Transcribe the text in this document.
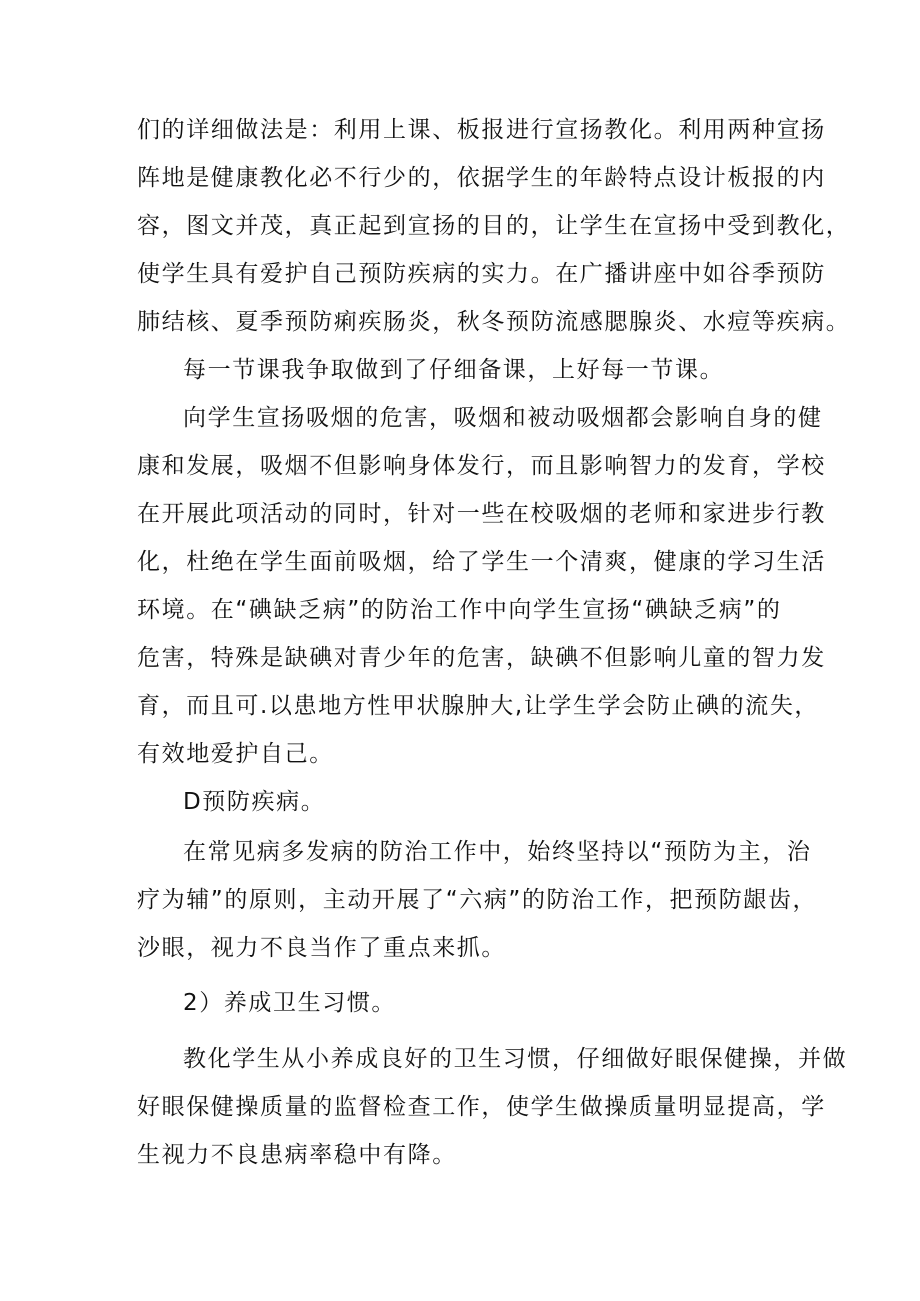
们的详细做法是：利用上课、板报进行宣扬教化。利用两种宣扬
阵地是健康教化必不行少的，依据学生的年龄特点设计板报的内
容，图文并茂，真正起到宣扬的目的，让学生在宣扬中受到教化，
使学生具有爱护自己预防疾病的实力。在广播讲座中如谷季预防
肺结核、夏季预防痢疾肠炎，秋冬预防流感腮腺炎、水痘等疾病。
每一节课我争取做到了仔细备课，上好每一节课。
向学生宣扬吸烟的危害，吸烟和被动吸烟都会影响自身的健
康和发展，吸烟不但影响身体发行，而且影响智力的发育，学校
在开展此项活动的同时，针对一些在校吸烟的老师和家进步行教
化，杜绝在学生面前吸烟，给了学生一个清爽，健康的学习生活
环境。在“碘缺乏病”的防治工作中向学生宣扬“碘缺乏病”的
危害，特殊是缺碘对青少年的危害，缺碘不但影响儿童的智力发
育，而且可.以患地方性甲状腺肿大,让学生学会防止碘的流失，
有效地爱护自己。
D预防疾病。
在常见病多发病的防治工作中，始终坚持以“预防为主，治
疗为辅”的原则，主动开展了“六病”的防治工作，把预防龈齿，
沙眼，视力不良当作了重点来抓。
2）养成卫生习惯。
教化学生从小养成良好的卫生习惯，仔细做好眼保健操，并做
好眼保健操质量的监督检查工作，使学生做操质量明显提高，学
生视力不良患病率稳中有降。
